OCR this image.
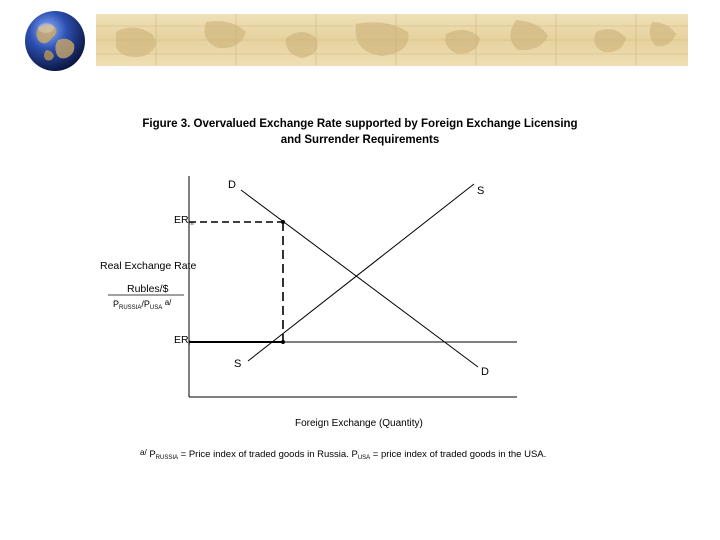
Figure 3. Overvalued Exchange Rate supported by Foreign Exchange Licensing
and Surrender Requirements
D	S
S
D
$ER_m$
Real Exchange Rate
Rubles/$
$P_{RUSSIA}/P_{USA}$ a/
$ER_f$
Foreign Exchange (Quantity)
$^{a/}$ $P_{RUSSIA}$ = Price index of traded goods in Russia. $P_{USA}$ = price index of traded goods in the USA.
